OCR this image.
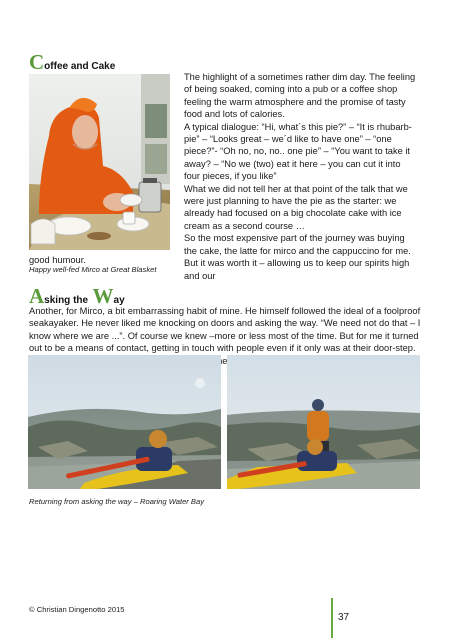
Coffee and Cake

The highlight of a sometimes rather dim day. The feeling of being soaked, coming into a pub or a coffee shop feeling the warm atmosphere and the promise of tasty food and lots of calories.

A typical dialogue: “Hi, what´s this pie?” – “It is rhubarb-pie” – “Looks great – we´d like to have one” – “one piece?”- “Oh no, no, no.. one pie” – “You want to take it away? – “No we (two) eat it here – you can cut it into four pieces, if you like”

What we did not tell her at that point of the talk that we were just planning to have the pie as the starter: we already had focused on a big chocolate cake with ice cream as a second course …

So the most expensive part of the journey was buying the cake, the latte for mirco and the cappuccino for me. But it was worth it – allowing us to keep our spirits high and our

good humour.
Happy well-fed Mirco at Great Blasket
Asking the Way
Another, for Mirco, a bit embarrassing habit of mine. He himself followed the ideal of a foolproof seakayaker. He never liked me knocking on doors and asking the way. “We need not do that – I know where we are ...”. Of course we knew –more or less most of the time. But for me it turned out to be a means of contact, getting in touch with people even if it only was at their door-step.
Returning from asking the way – Roaring Water Bay
© Christian Dingenotto 2015
37
